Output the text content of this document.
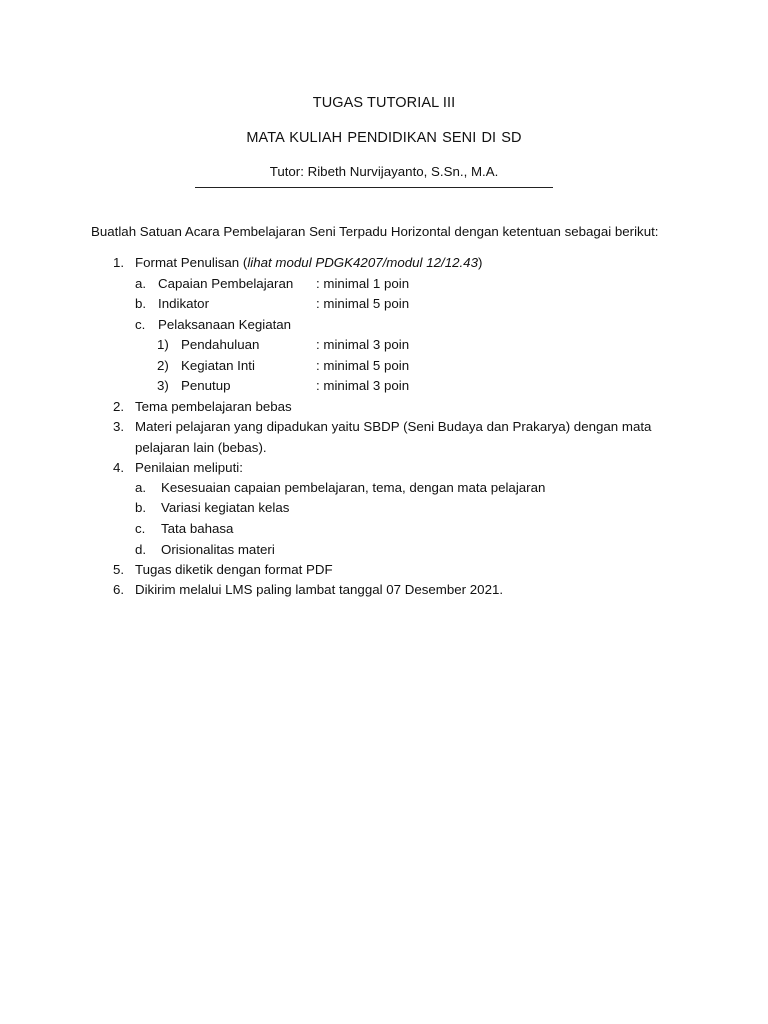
TUGAS TUTORIAL III
MATA KULIAH PENDIDIKAN SENI DI SD
Tutor: Ribeth Nurvijayanto, S.Sn., M.A.
Buatlah Satuan Acara Pembelajaran Seni Terpadu Horizontal dengan ketentuan sebagai berikut:
1. Format Penulisan (lihat modul PDGK4207/modul 12/12.43)
a. Capaian Pembelajaran : minimal 1 poin
b. Indikator	: minimal 5 poin
c. Pelaksanaan Kegiatan
1) Pendahuluan	: minimal 3 poin
2) Kegiatan Inti	: minimal 5 poin
3) Penutup	: minimal 3 poin
2. Tema pembelajaran bebas
3. Materi pelajaran yang dipadukan yaitu SBDP (Seni Budaya dan Prakarya) dengan mata
pelajaran lain (bebas).
4. Penilaian meliputi:
a. Kesesuaian capaian pembelajaran, tema, dengan mata pelajaran
b. Variasi kegiatan kelas
c. Tata bahasa
d. Orisionalitas materi
5. Tugas diketik dengan format PDF
6. Dikirim melalui LMS paling lambat tanggal 07 Desember 2021.
